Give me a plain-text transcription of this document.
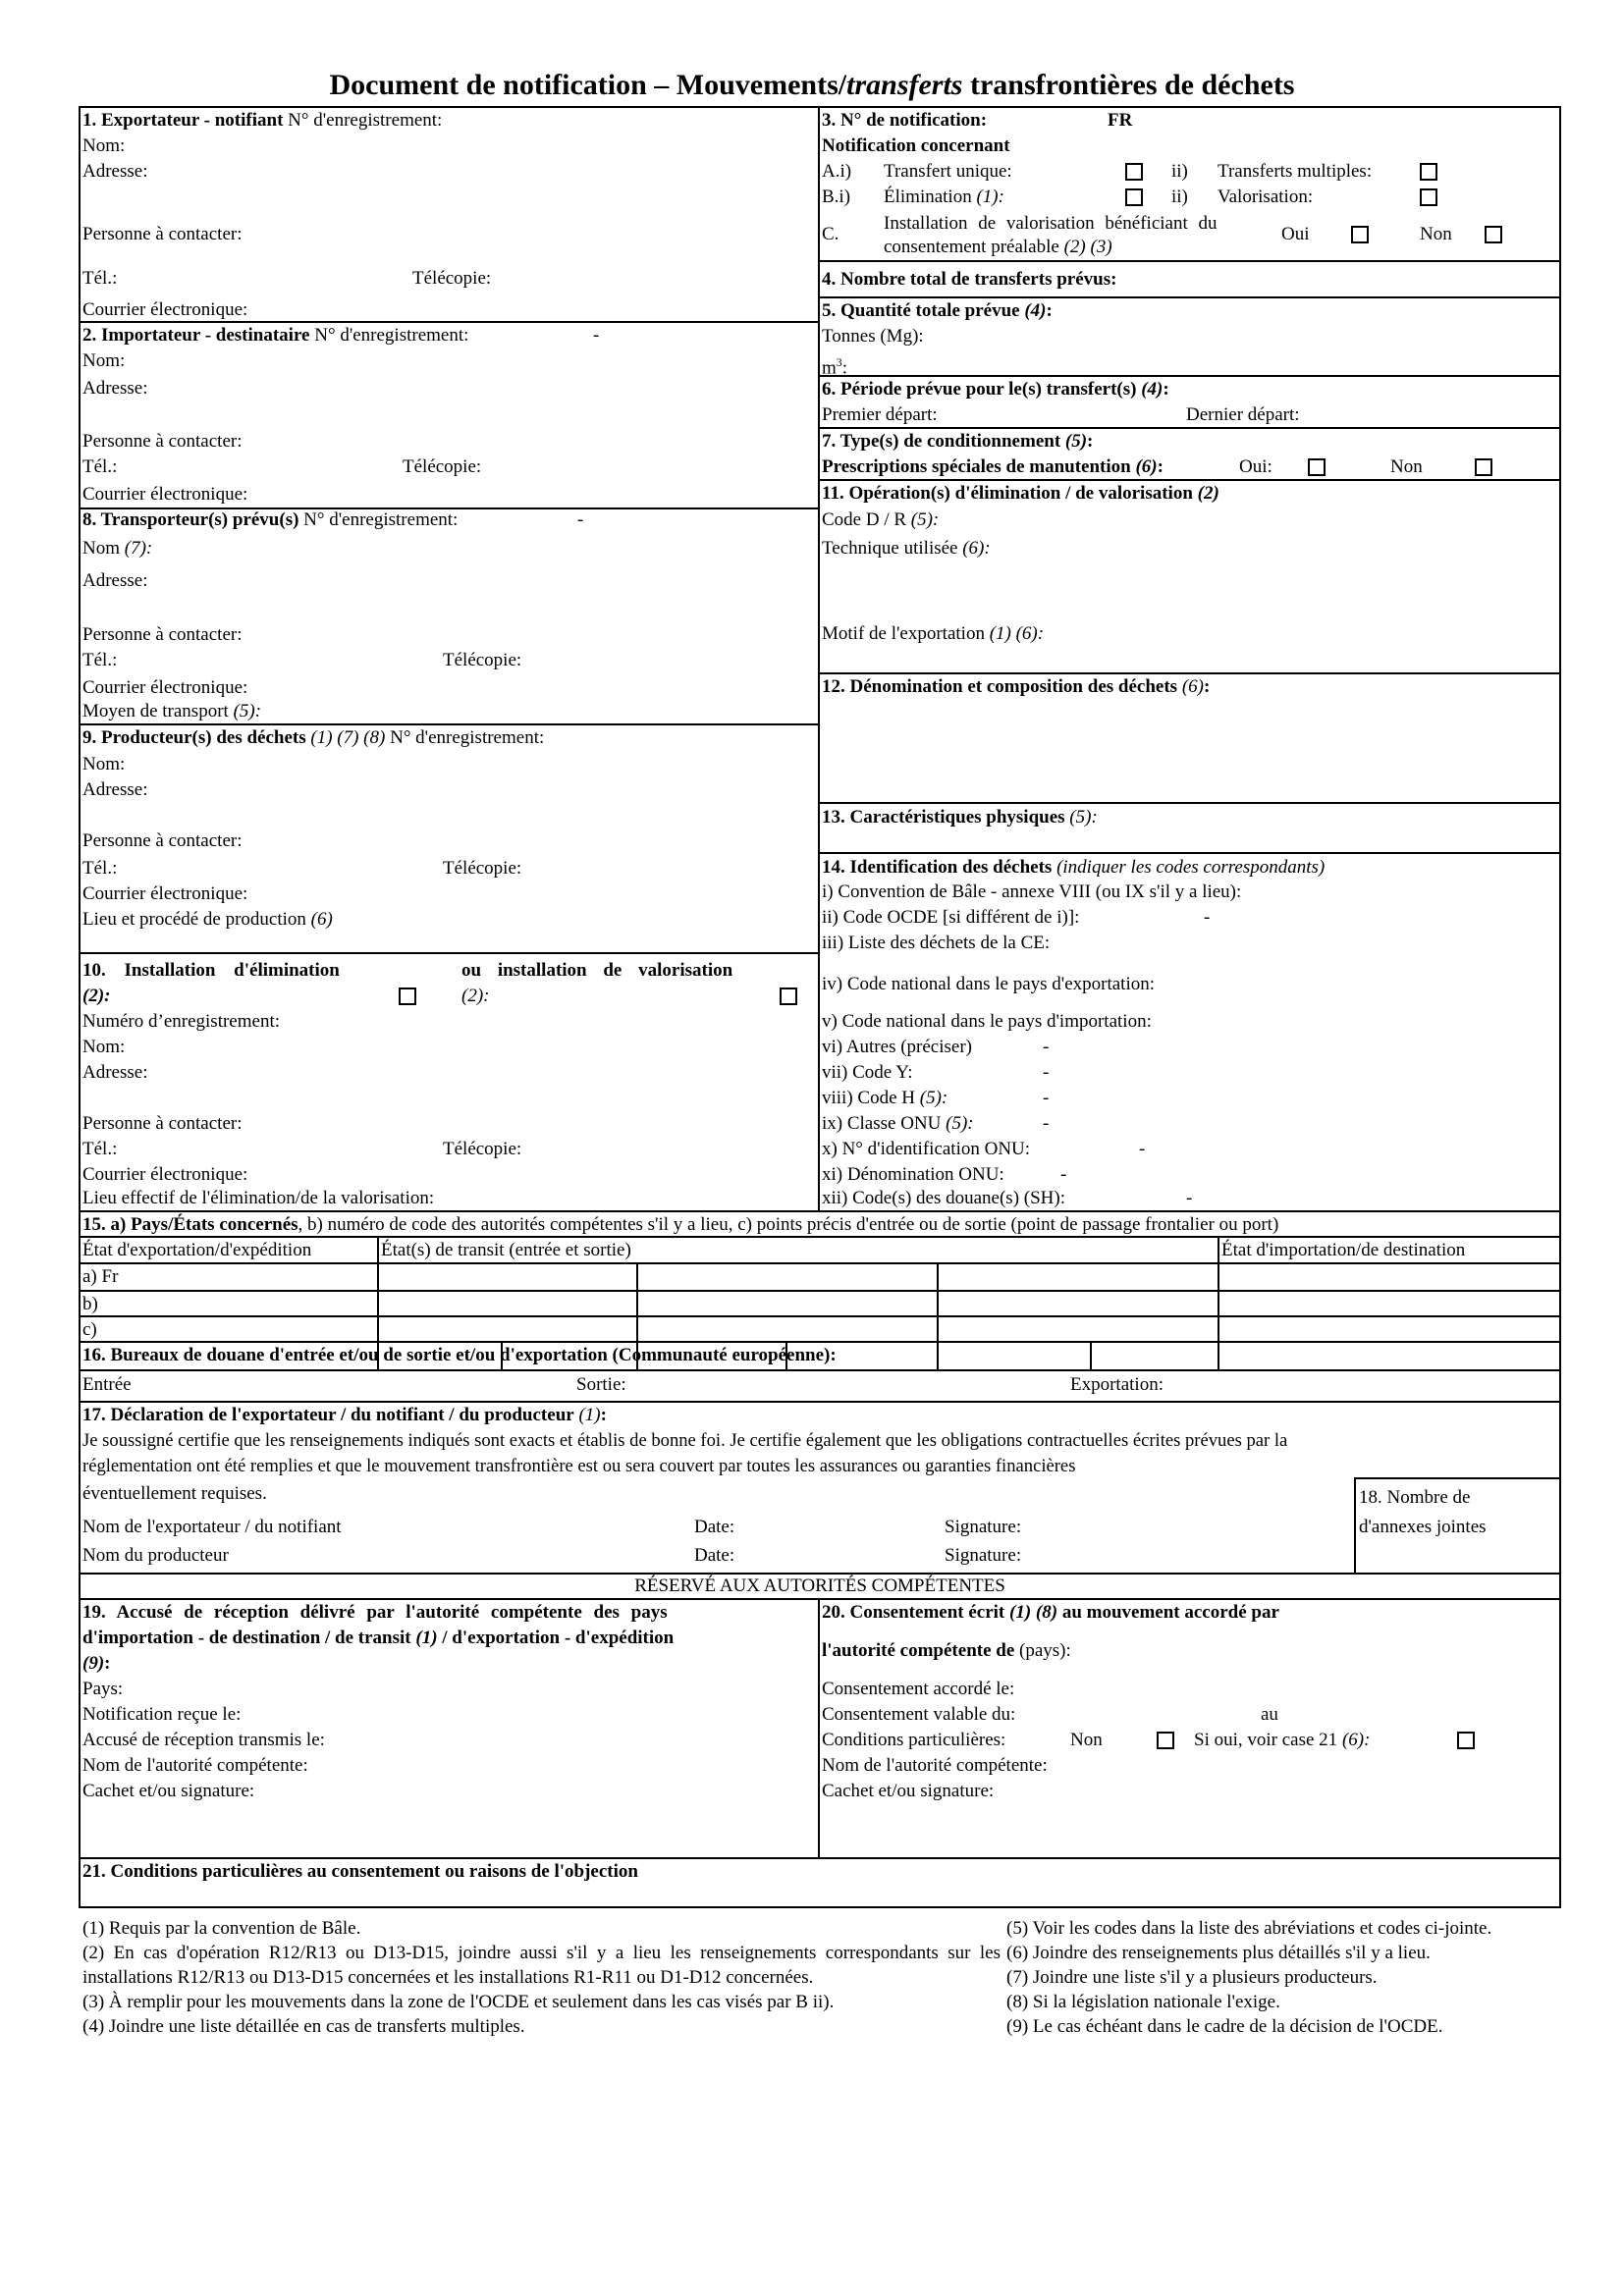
Document de notification – Mouvements/transferts transfrontières de déchets
1. Exportateur - notifiant N° d'enregistrement:
Nom:
Adresse:
Personne à contacter:
Tél.:	Télécopie:
Courrier électronique:
2. Importateur - destinataire N° d'enregistrement:	-
Nom:
Adresse:
Personne à contacter:
Tél.:	Télécopie:
Courrier électronique:
8. Transporteur(s) prévu(s) N° d'enregistrement:	-
Nom (7):
Adresse:
Personne à contacter:
Tél.:	Télécopie:
Courrier électronique:
Moyen de transport (5):
9. Producteur(s) des déchets (1) (7) (8) N° d'enregistrement:
Nom:
Adresse:
Personne à contacter:
Tél.:	Télécopie:
Courrier électronique:
Lieu et procédé de production (6)
10. Installation d'élimination
(2):
ou installation de valorisation
(2):
Numéro d’enregistrement:
Nom:
Adresse:
Personne à contacter:
Tél.:	Télécopie:
Courrier électronique:
Lieu effectif de l'élimination/de la valorisation:
3. N° de notification:	FR
Notification concernant
A.i) Transfert unique:	ii) Transferts multiples:
B.i) Élimination (1):	ii) Valorisation:
C.
Installation de valorisation bénéficiant du
consentement préalable (2) (3)
Oui	Non
4. Nombre total de transferts prévus:
5. Quantité totale prévue (4):
Tonnes (Mg):
$m^3$:
6. Période prévue pour le(s) transfert(s) (4):
Premier départ:	Dernier départ:
7. Type(s) de conditionnement (5):
Prescriptions spéciales de manutention (6):	Oui:	Non
11. Opération(s) d'élimination / de valorisation (2)
Code D / R (5):
Technique utilisée (6):
Motif de l'exportation (1) (6):
12. Dénomination et composition des déchets (6):
13. Caractéristiques physiques (5):
14. Identification des déchets (indiquer les codes correspondants)
i) Convention de Bâle - annexe VIII (ou IX s'il y a lieu):
ii) Code OCDE [si différent de i)]:	-
iii) Liste des déchets de la CE:
iv) Code national dans le pays d'exportation:
v) Code national dans le pays d'importation:
vi) Autres (préciser)	-
vii) Code Y:	-
viii) Code H (5):	-
ix) Classe ONU (5):	-
x) N° d'identification ONU:	-
xi) Dénomination ONU:	-
xii) Code(s) des douane(s) (SH):	-
15. a) Pays/États concernés, b) numéro de code des autorités compétentes s'il y a lieu, c) points précis d'entrée ou de sortie (point de passage frontalier ou port)
État d'exportation/d'expédition	État(s) de transit (entrée et sortie)	État d'importation/de destination
a) Fr
b)
c)
16. Bureaux de douane d'entrée et/ou de sortie et/ou d'exportation (Communauté européenne):
Entrée	Sortie:	Exportation:
17. Déclaration de l'exportateur / du notifiant / du producteur (1):
Je soussigné certifie que les renseignements indiqués sont exacts et établis de bonne foi. Je certifie également que les obligations contractuelles écrites prévues par la
réglementation ont été remplies et que le mouvement transfrontière est ou sera couvert par toutes les assurances ou garanties financières
éventuellement requises.
Nom de l'exportateur / du notifiant	Date:	Signature:
Nom du producteur	Date:	Signature:
18. Nombre de
d'annexes jointes
RÉSERVÉ AUX AUTORITÉS COMPÉTENTES
19. Accusé de réception délivré par l'autorité compétente des pays
d'importation - de destination / de transit (1) / d'exportation - d'expédition
(9):
Pays:
Notification reçue le:
Accusé de réception transmis le:
Nom de l'autorité compétente:
Cachet et/ou signature:
20. Consentement écrit (1) (8) au mouvement accordé par
l'autorité compétente de (pays):
Consentement accordé le:
Consentement valable du:	au
Conditions particulières:	Non	Si oui, voir case 21 (6):
Nom de l'autorité compétente:
Cachet et/ou signature:
21. Conditions particulières au consentement ou raisons de l'objection
(1) Requis par la convention de Bâle.
(2) En cas d'opération R12/R13 ou D13-D15, joindre aussi s'il y a lieu les renseignements correspondants sur les installations R12/R13 ou D13-D15 concernées et les installations R1-R11 ou D1-D12 concernées.
(3) À remplir pour les mouvements dans la zone de l'OCDE et seulement dans les cas visés par B ii).
(4) Joindre une liste détaillée en cas de transferts multiples.
(5) Voir les codes dans la liste des abréviations et codes ci-jointe.
(6) Joindre des renseignements plus détaillés s'il y a lieu.
(7) Joindre une liste s'il y a plusieurs producteurs.
(8) Si la législation nationale l'exige.
(9) Le cas échéant dans le cadre de la décision de l'OCDE.
